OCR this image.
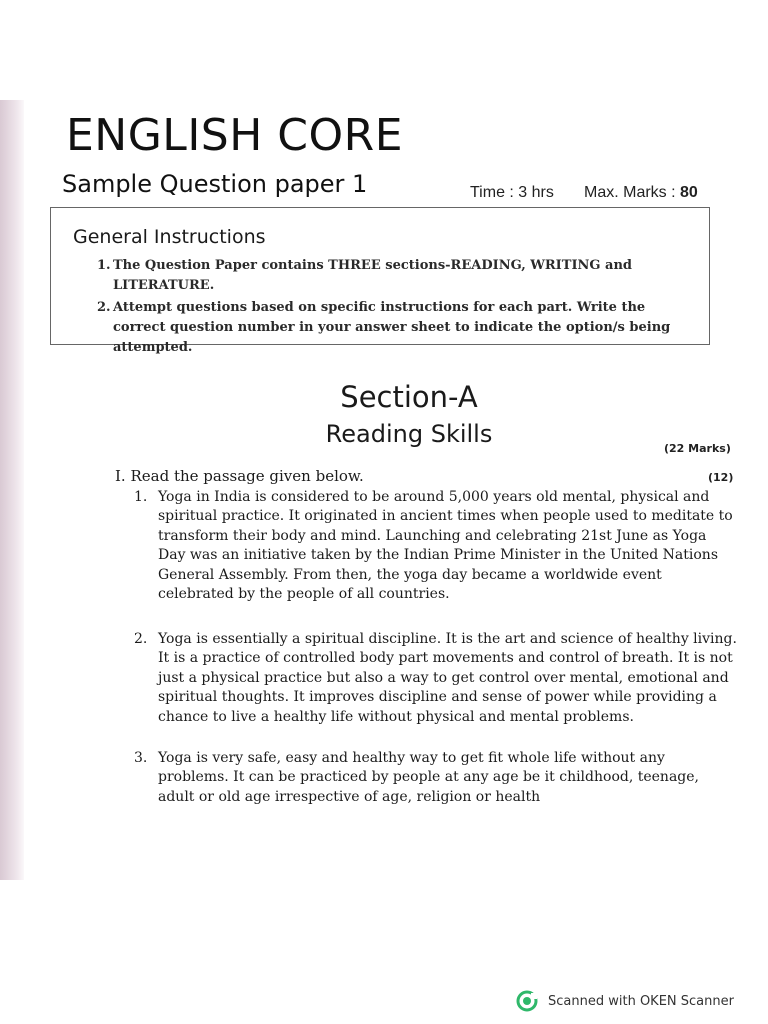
ENGLISH CORE
Sample Question paper 1	Time : 3 hrs Max. Marks : 80
General Instructions
1. The Question Paper contains THREE sections-READING, WRITING and LITERATURE.
2. Attempt questions based on specific instructions for each part. Write the correct question number in your answer sheet to indicate the option/s being attempted.
Section-A
Reading Skills
(22 Marks)
I. Read the passage given below.	(12)
1. Yoga in India is considered to be around 5,000 years old mental, physical and spiritual practice. It originated in ancient times when people used to meditate to transform their body and mind. Launching and celebrating 21st June as Yoga Day was an initiative taken by the Indian Prime Minister in the United Nations General Assembly. From then, the yoga day became a worldwide event celebrated by the people of all countries.
2. Yoga is essentially a spiritual discipline. It is the art and science of healthy living. It is a practice of controlled body part movements and control of breath. It is not just a physical practice but also a way to get control over mental, emotional and spiritual thoughts. It improves discipline and sense of power while providing a chance to live a healthy life without physical and mental problems.
3. Yoga is very safe, easy and healthy way to get fit whole life without any problems. It can be practiced by people at any age be it childhood, teenage, adult or old age irrespective of age, religion or health
Scanned with OKEN Scanner
